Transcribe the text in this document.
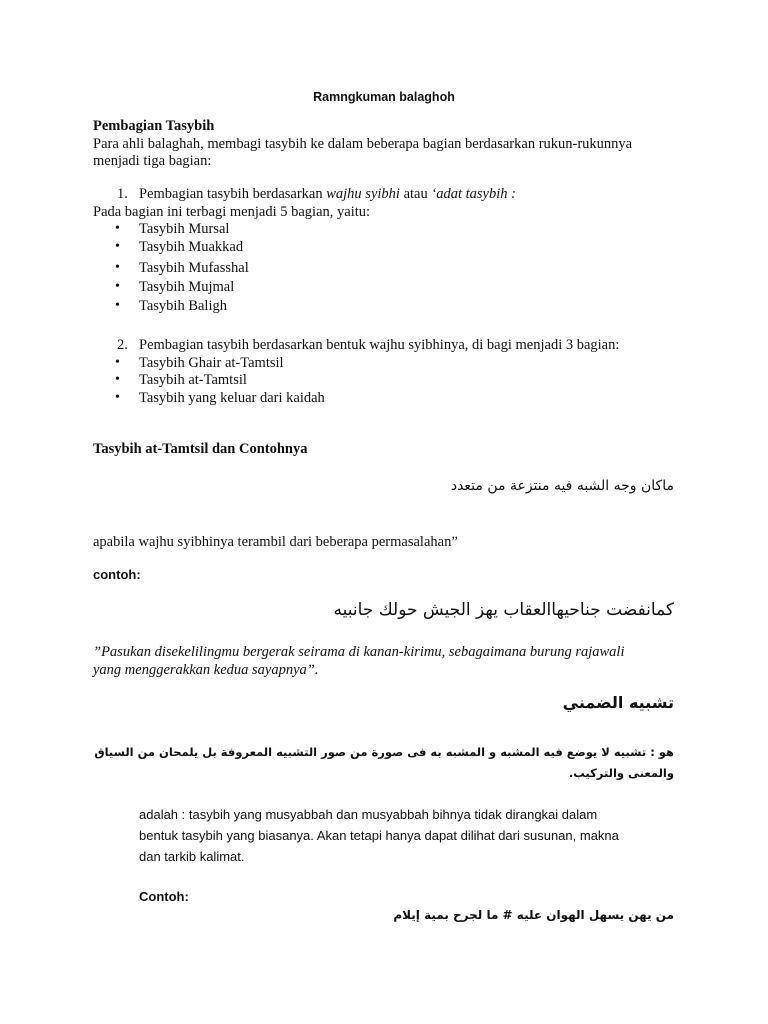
Ramngkuman balaghoh
Pembagian Tasybih
Para ahli balaghah, membagi tasybih ke dalam beberapa bagian berdasarkan rukun-rukunnya
menjadi tiga bagian:
1. Pembagian tasybih berdasarkan wajhu syibhi atau ‘adat tasybih :
Pada bagian ini terbagi menjadi 5 bagian, yaitu:
• Tasybih Mursal
• Tasybih Muakkad
• Tasybih Mufasshal
• Tasybih Mujmal
• Tasybih Baligh
2. Pembagian tasybih berdasarkan bentuk wajhu syibhinya, di bagi menjadi 3 bagian:
• Tasybih Ghair at-Tamtsil
• Tasybih at-Tamtsil
• Tasybih yang keluar dari kaidah
Tasybih at-Tamtsil dan Contohnya
ماكان وجه الشبه فيه منتزعة من متعدد
apabila wajhu syibhinya terambil dari beberapa permasalahan”
contoh:
كمانفضت جناحيهاالعقاب يهز الجيش حولك جانبيه
”Pasukan disekelilingmu bergerak seirama di kanan-kirimu, sebagaimana burung rajawali
yang menggerakkan kedua sayapnya”.
تشبيه الضمني
هو : تشبيه لا يوضع فيه المشبه و المشبه به فى صورة من صور التشبيه المعروفة بل يلمحان من السياق
والمعنى والتركيب.
adalah : tasybih yang musyabbah dan musyabbah bihnya tidak dirangkai dalam
bentuk tasybih yang biasanya. Akan tetapi hanya dapat dilihat dari susunan, makna
dan tarkib kalimat.
Contoh:
من يهن يسهل الهوان عليه # ما لجرح بمية إيلام
